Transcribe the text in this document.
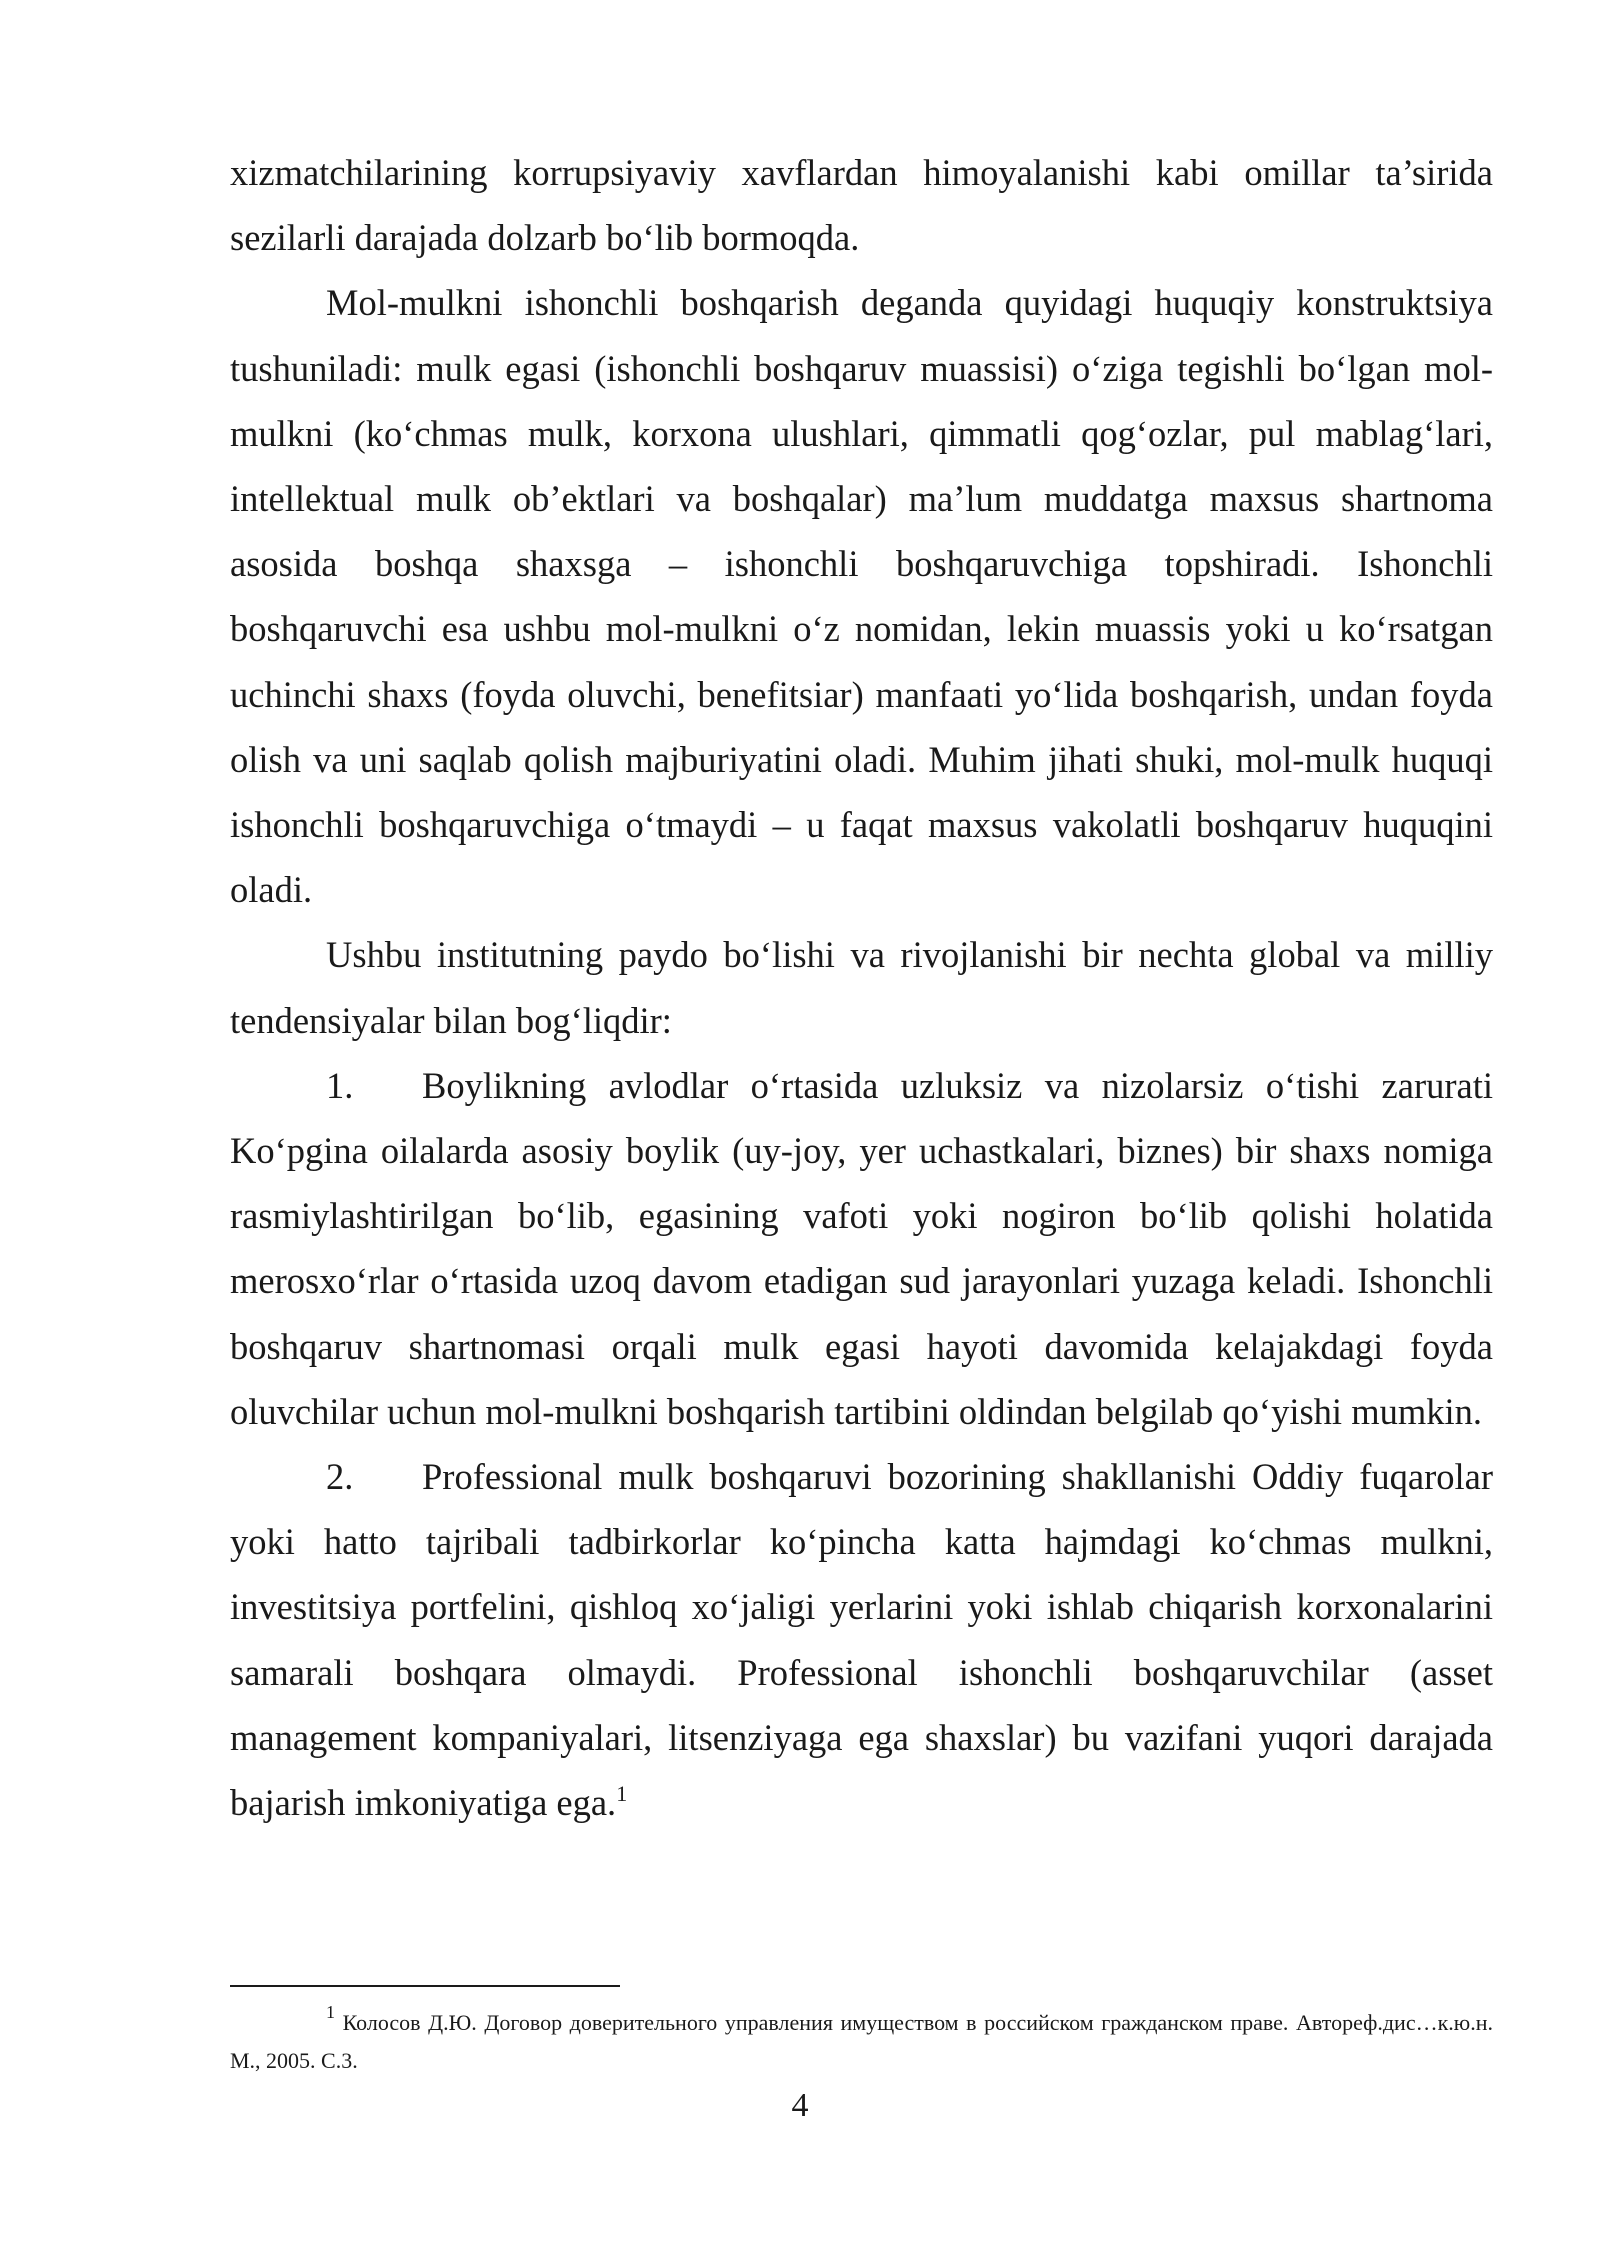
xizmatchilarining korrupsiyaviy xavflardan himoyalanishi kabi omillar ta’sirida sezilarli darajada dolzarb bo‘lib bormoqda.

Mol-mulkni ishonchli boshqarish deganda quyidagi huquqiy konstruktsiya tushuniladi: mulk egasi (ishonchli boshqaruv muassisi) o‘ziga tegishli bo‘lgan mol-mulkni (ko‘chmas mulk, korxona ulushlari, qimmatli qog‘ozlar, pul mablag‘lari, intellektual mulk ob’ektlari va boshqalar) ma’lum muddatga maxsus shartnoma asosida boshqa shaxsga – ishonchli boshqaruvchiga topshiradi. Ishonchli boshqaruvchi esa ushbu mol-mulkni o‘z nomidan, lekin muassis yoki u ko‘rsatgan uchinchi shaxs (foyda oluvchi, benefitsiar) manfaati yo‘lida boshqarish, undan foyda olish va uni saqlab qolish majburiyatini oladi. Muhim jihati shuki, mol-mulk huquqi ishonchli boshqaruvchiga o‘tmaydi – u faqat maxsus vakolatli boshqaruv huquqini oladi.

Ushbu institutning paydo bo‘lishi va rivojlanishi bir nechta global va milliy tendensiyalar bilan bog‘liqdir:

1. Boylikning avlodlar o‘rtasida uzluksiz va nizolarsiz o‘tishi zarurati Ko‘pgina oilalarda asosiy boylik (uy-joy, yer uchastkalari, biznes) bir shaxs nomiga rasmiylashtirilgan bo‘lib, egasining vafoti yoki nogiron bo‘lib qolishi holatida merosxo‘rlar o‘rtasida uzoq davom etadigan sud jarayonlari yuzaga keladi. Ishonchli boshqaruv shartnomasi orqali mulk egasi hayoti davomida kelajakdagi foyda oluvchilar uchun mol-mulkni boshqarish tartibini oldindan belgilab qo‘yishi mumkin.

2. Professional mulk boshqaruvi bozorining shakllanishi Oddiy fuqarolar yoki hatto tajribali tadbirkorlar ko‘pincha katta hajmdagi ko‘chmas mulkni, investitsiya portfelini, qishloq xo‘jaligi yerlarini yoki ishlab chiqarish korxonalarini samarali boshqara olmaydi. Professional ishonchli boshqaruvchilar (asset management kompaniyalari, litsenziyaga ega shaxslar) bu vazifani yuqori darajada bajarish imkoniyatiga ega.$^1$

$^1$ Колосов Д.Ю. Договор доверительного управления имуществом в российском гражданском праве. Автореф.дис…к.ю.н. М., 2005. С.3.

4
